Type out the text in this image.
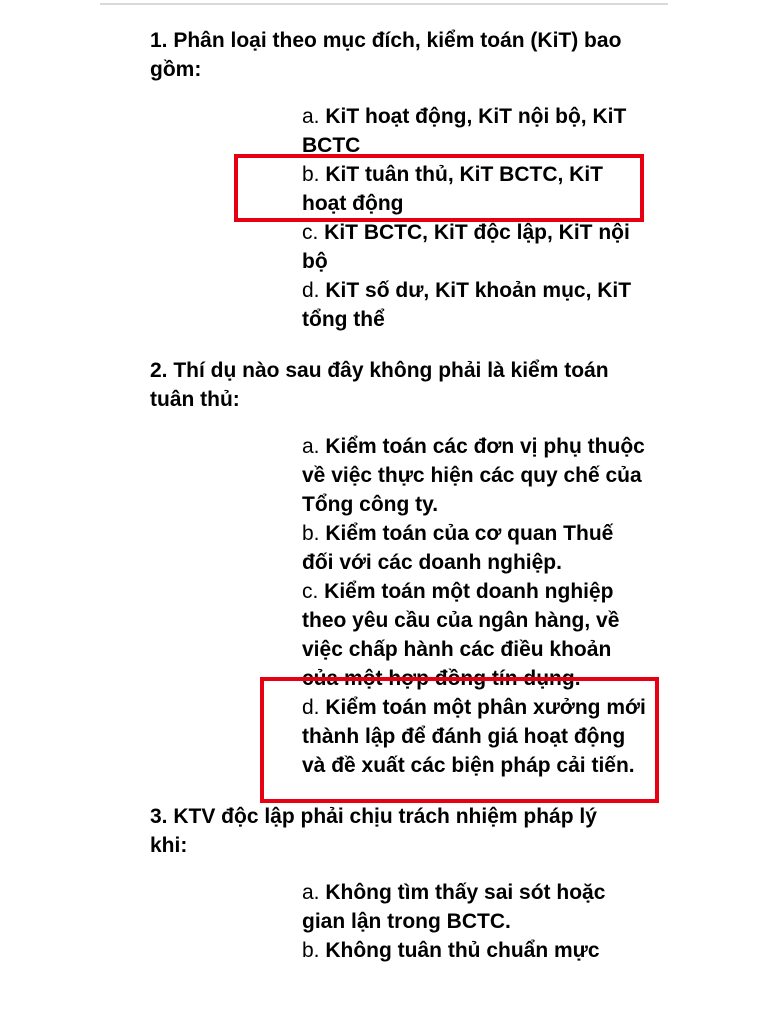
1. Phân loại theo mục đích, kiểm toán (KiT) bao gồm:
a. KiT hoạt động, KiT nội bộ, KiT BCTC
b. KiT tuân thủ, KiT BCTC, KiT hoạt động
c. KiT BCTC, KiT độc lập, KiT nội bộ
d. KiT số dư, KiT khoản mục, KiT tổng thể
2. Thí dụ nào sau đây không phải là kiểm toán tuân thủ:
a. Kiểm toán các đơn vị phụ thuộc về việc thực hiện các quy chế của Tổng công ty.
b. Kiểm toán của cơ quan Thuế đối với các doanh nghiệp.
c. Kiểm toán một doanh nghiệp theo yêu cầu của ngân hàng, về việc chấp hành các điều khoản của một hợp đồng tín dụng.
d. Kiểm toán một phân xưởng mới thành lập để đánh giá hoạt động và đề xuất các biện pháp cải tiến.
3. KTV độc lập phải chịu trách nhiệm pháp lý khi:
a. Không tìm thấy sai sót hoặc gian lận trong BCTC.
b. Không tuân thủ chuẩn mực
